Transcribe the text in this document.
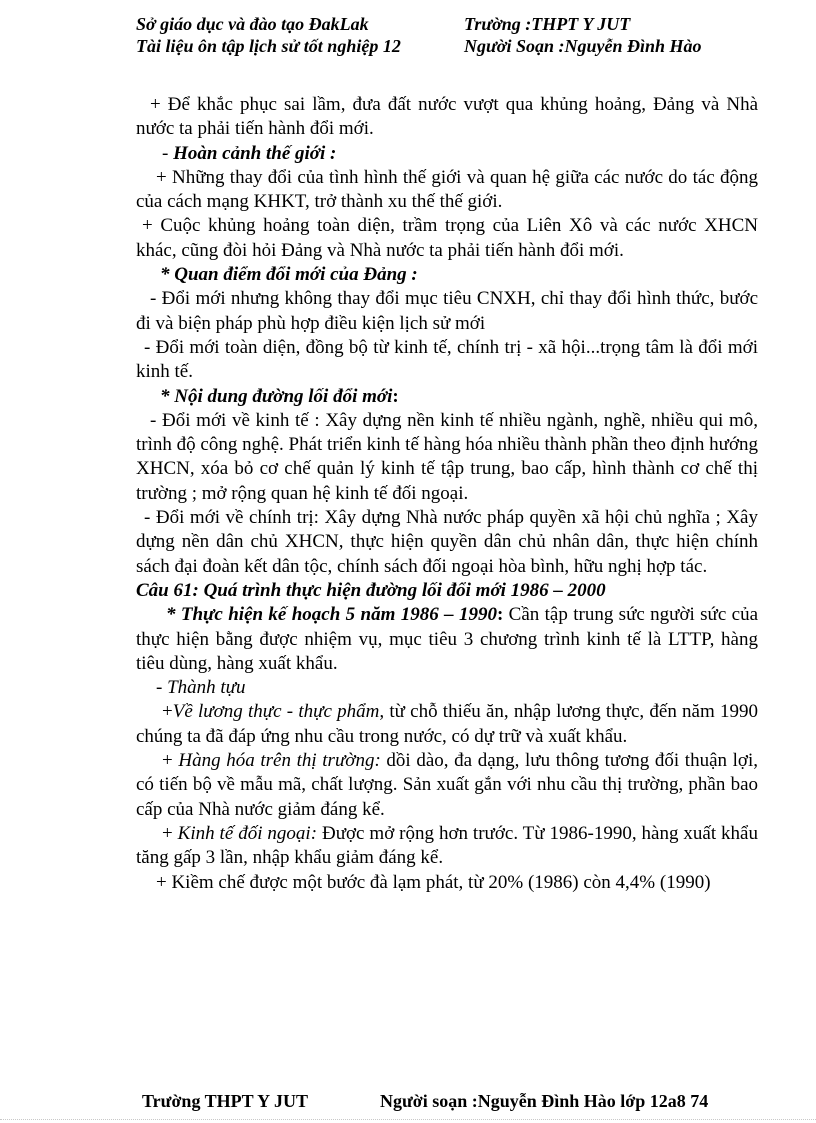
Sở giáo dục và đào tạo ĐakLak	Trường :THPT Y JUT
Tài liệu ôn tập lịch sử tốt nghiệp 12	Người Soạn :Nguyễn Đình Hào

+ Để khắc phục sai lầm, đưa đất nước vượt qua khủng hoảng, Đảng và Nhà nước ta phải tiến hành đổi mới.

- Hoàn cảnh thế giới :

+ Những thay đổi của tình hình thế giới và quan hệ giữa các nước do tác động của cách mạng KHKT, trở thành xu thế thế giới.

+ Cuộc khủng hoảng toàn diện, trầm trọng của Liên Xô và các nước XHCN khác, cũng đòi hỏi Đảng và Nhà nước ta phải tiến hành đổi mới.

* Quan điểm đổi mới của Đảng :

- Đổi mới nhưng không thay đổi mục tiêu CNXH, chỉ thay đổi hình thức, bước đi và biện pháp phù hợp điều kiện lịch sử mới

- Đổi mới toàn diện, đồng bộ từ kinh tế, chính trị - xã hội...trọng tâm là đổi mới kinh tế.

* Nội dung đường lối đổi mới:

- Đổi mới về kinh tế : Xây dựng nền kinh tế nhiều ngành, nghề, nhiều qui mô, trình độ công nghệ. Phát triển kinh tế hàng hóa nhiều thành phần theo định hướng XHCN, xóa bỏ cơ chế quản lý kinh tế tập trung, bao cấp, hình thành cơ chế thị trường ; mở rộng quan hệ kinh tế đối ngoại.

- Đổi mới về chính trị: Xây dựng Nhà nước pháp quyền xã hội chủ nghĩa ; Xây dựng nền dân chủ XHCN, thực hiện quyền dân chủ nhân dân, thực hiện chính sách đại đoàn kết dân tộc, chính sách đối ngoại hòa bình, hữu nghị hợp tác.

Câu 61: Quá trình thực hiện đường lối đổi mới 1986 – 2000

* Thực hiện kế hoạch 5 năm 1986 – 1990: Cần tập trung sức người sức của thực hiện bằng được nhiệm vụ, mục tiêu 3 chương trình kinh tế là LTTP, hàng tiêu dùng, hàng xuất khẩu.

- Thành tựu

+Về lương thực - thực phẩm, từ chỗ thiếu ăn, nhập lương thực, đến năm 1990 chúng ta đã đáp ứng nhu cầu trong nước, có dự trữ và xuất khẩu.

+ Hàng hóa trên thị trường: dồi dào, đa dạng, lưu thông tương đối thuận lợi, có tiến bộ về mẫu mã, chất lượng. Sản xuất gắn với nhu cầu thị trường, phần bao cấp của Nhà nước giảm đáng kể.

+ Kinh tế đối ngoại: Được mở rộng hơn trước. Từ 1986-1990, hàng xuất khẩu tăng gấp 3 lần, nhập khẩu giảm đáng kể.

+ Kiềm chế được một bước đà lạm phát, từ 20% (1986) còn 4,4% (1990)

Trường THPT Y JUT	Người soạn :Nguyễn Đình Hào lớp 12a8 74
